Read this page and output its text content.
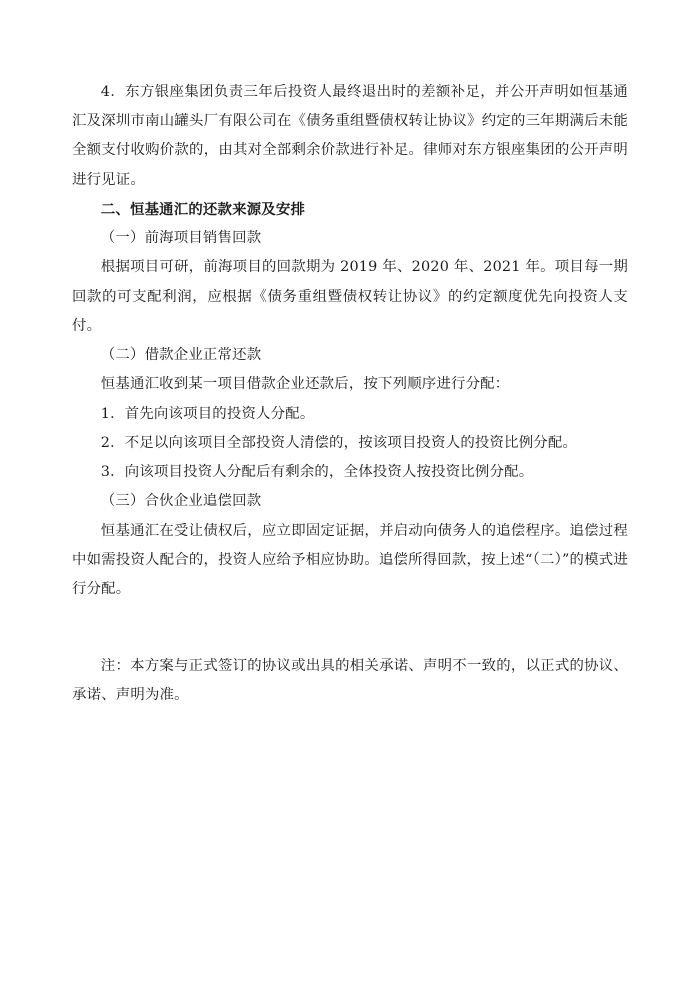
4．东方银座集团负责三年后投资人最终退出时的差额补足，并公开声明如恒基通汇及深圳市南山罐头厂有限公司在《债务重组暨债权转让协议》约定的三年期满后未能全额支付收购价款的，由其对全部剩余价款进行补足。律师对东方银座集团的公开声明进行见证。

二、恒基通汇的还款来源及安排

（一）前海项目销售回款

根据项目可研，前海项目的回款期为 2019 年、2020 年、2021 年。项目每一期回款的可支配利润，应根据《债务重组暨债权转让协议》的约定额度优先向投资人支付。

（二）借款企业正常还款

恒基通汇收到某一项目借款企业还款后，按下列顺序进行分配：

1．首先向该项目的投资人分配。

2．不足以向该项目全部投资人清偿的，按该项目投资人的投资比例分配。

3．向该项目投资人分配后有剩余的，全体投资人按投资比例分配。

（三）合伙企业追偿回款

恒基通汇在受让债权后，应立即固定证据，并启动向债务人的追偿程序。追偿过程中如需投资人配合的，投资人应给予相应协助。追偿所得回款，按上述“（二）”的模式进行分配。

注：本方案与正式签订的协议或出具的相关承诺、声明不一致的，以正式的协议、承诺、声明为准。
